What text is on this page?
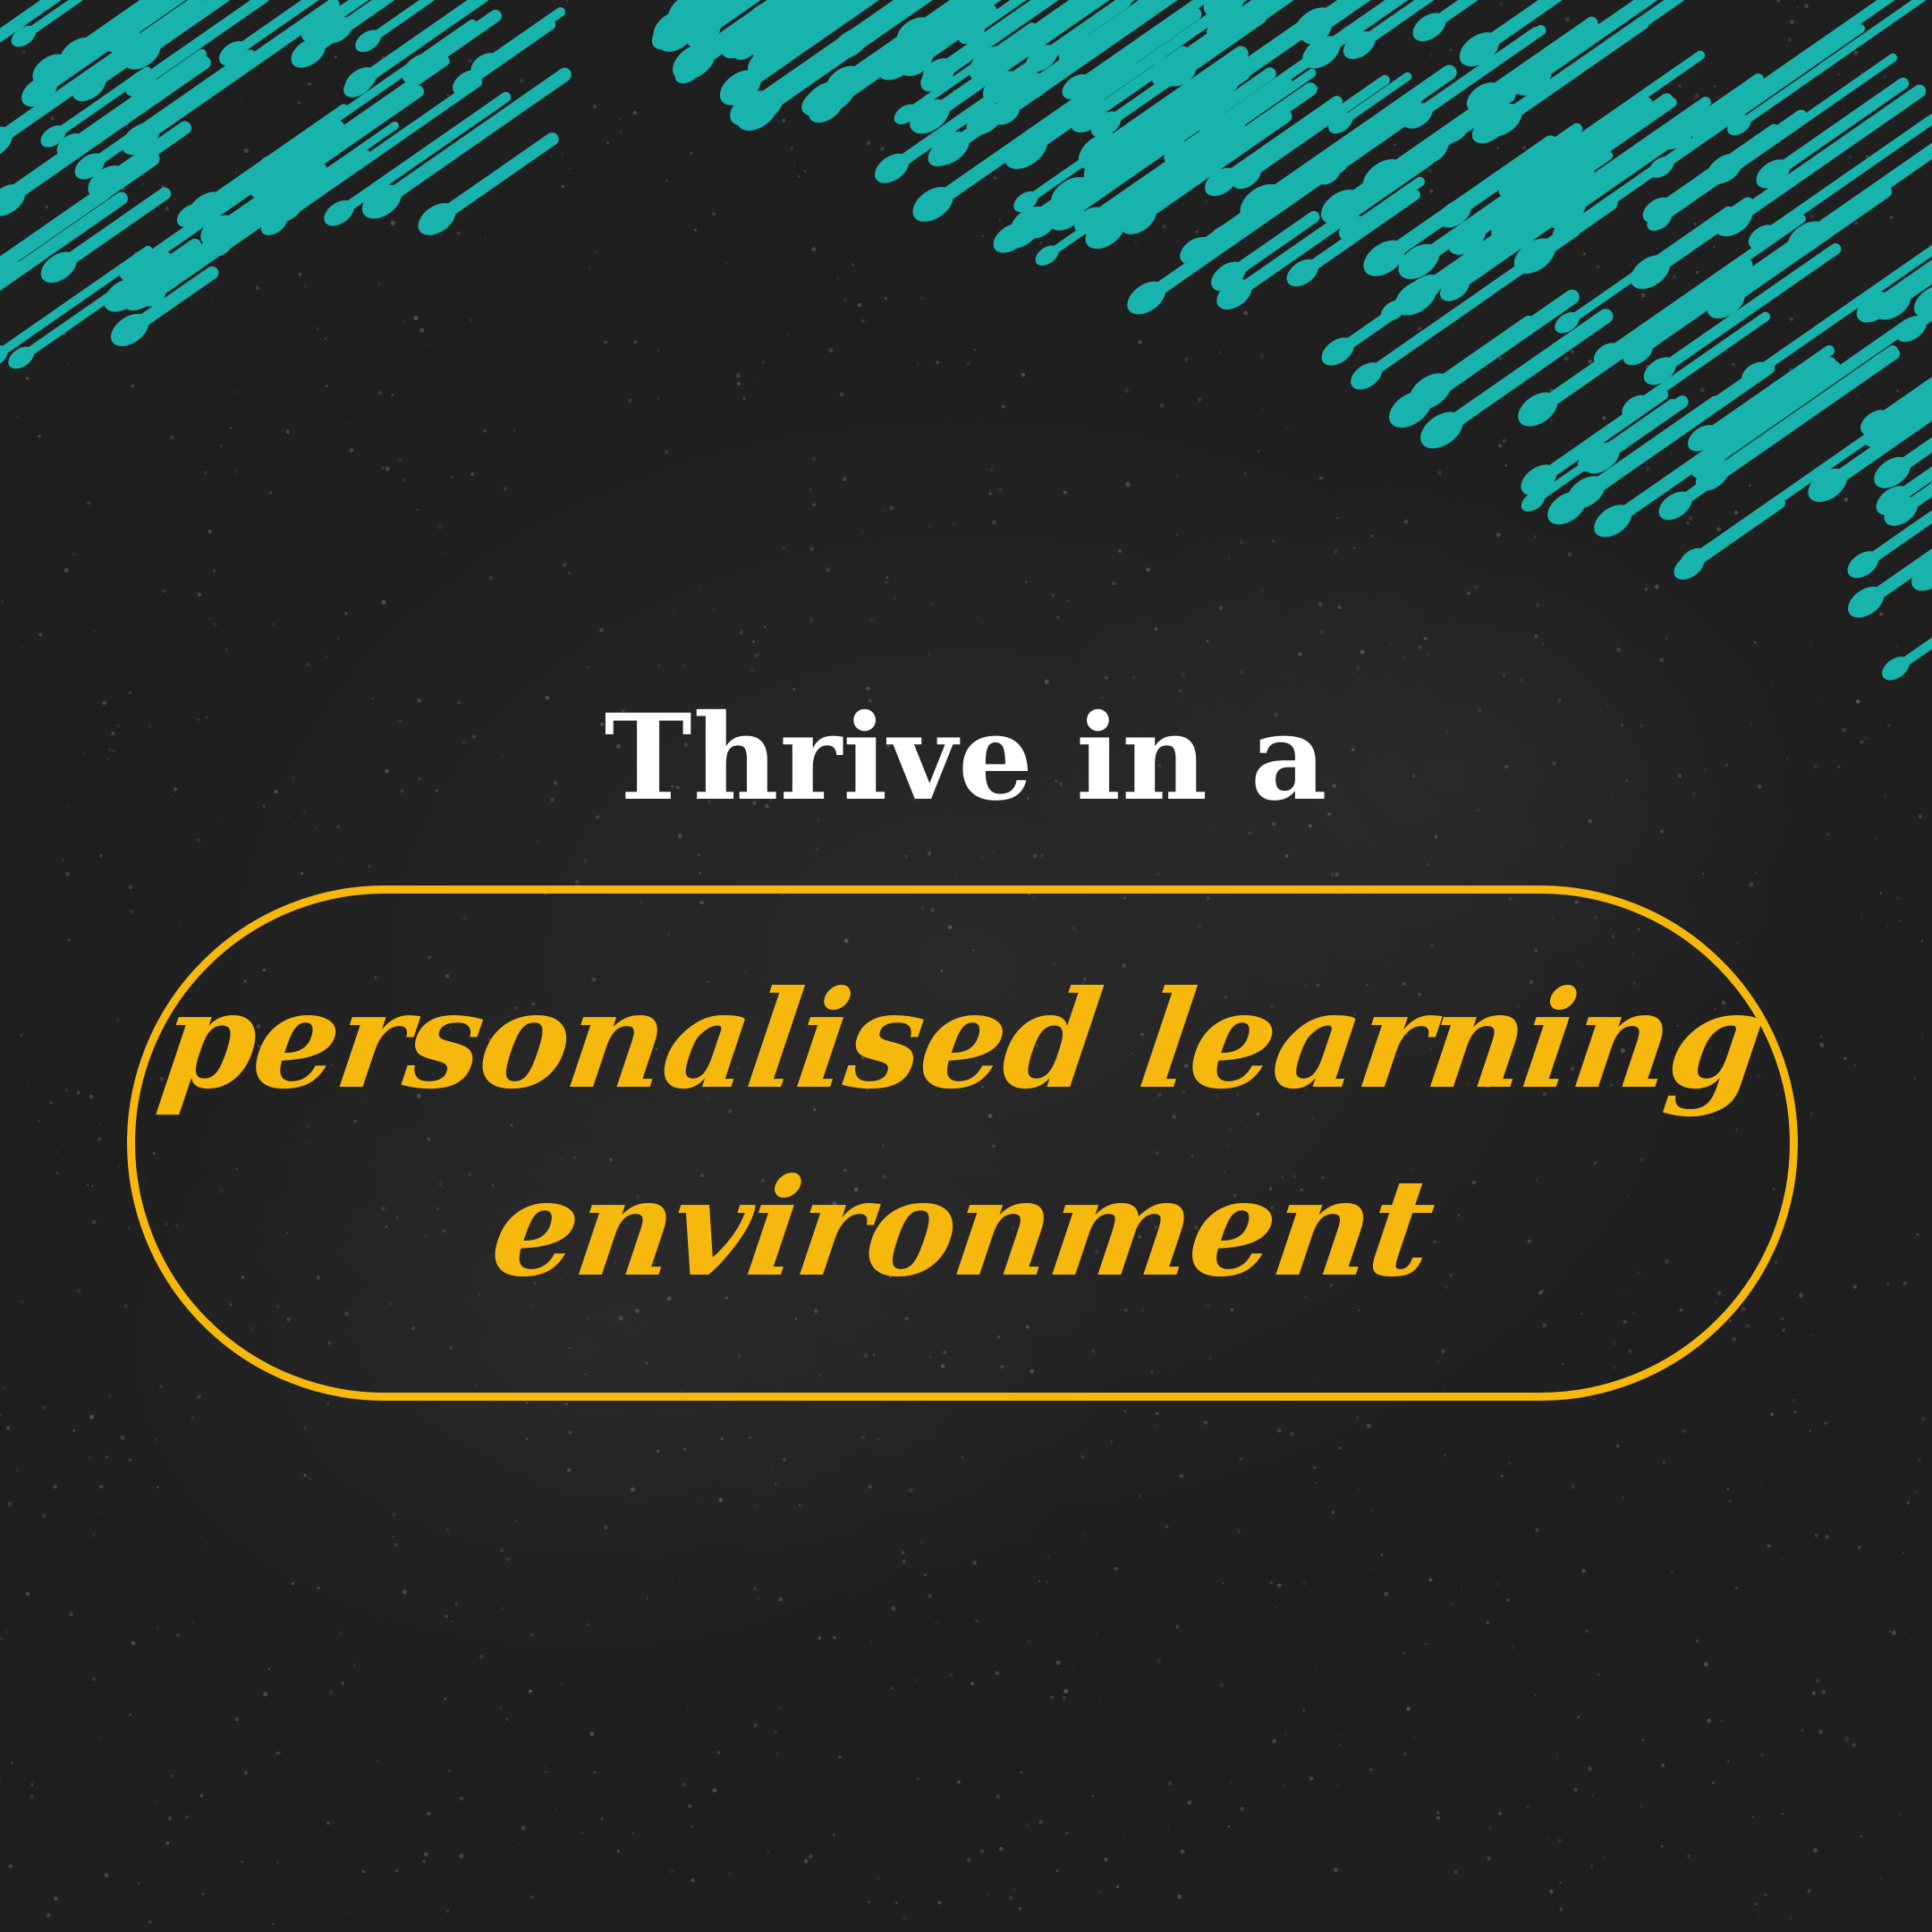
Thrive in a
personalised learning
environment
